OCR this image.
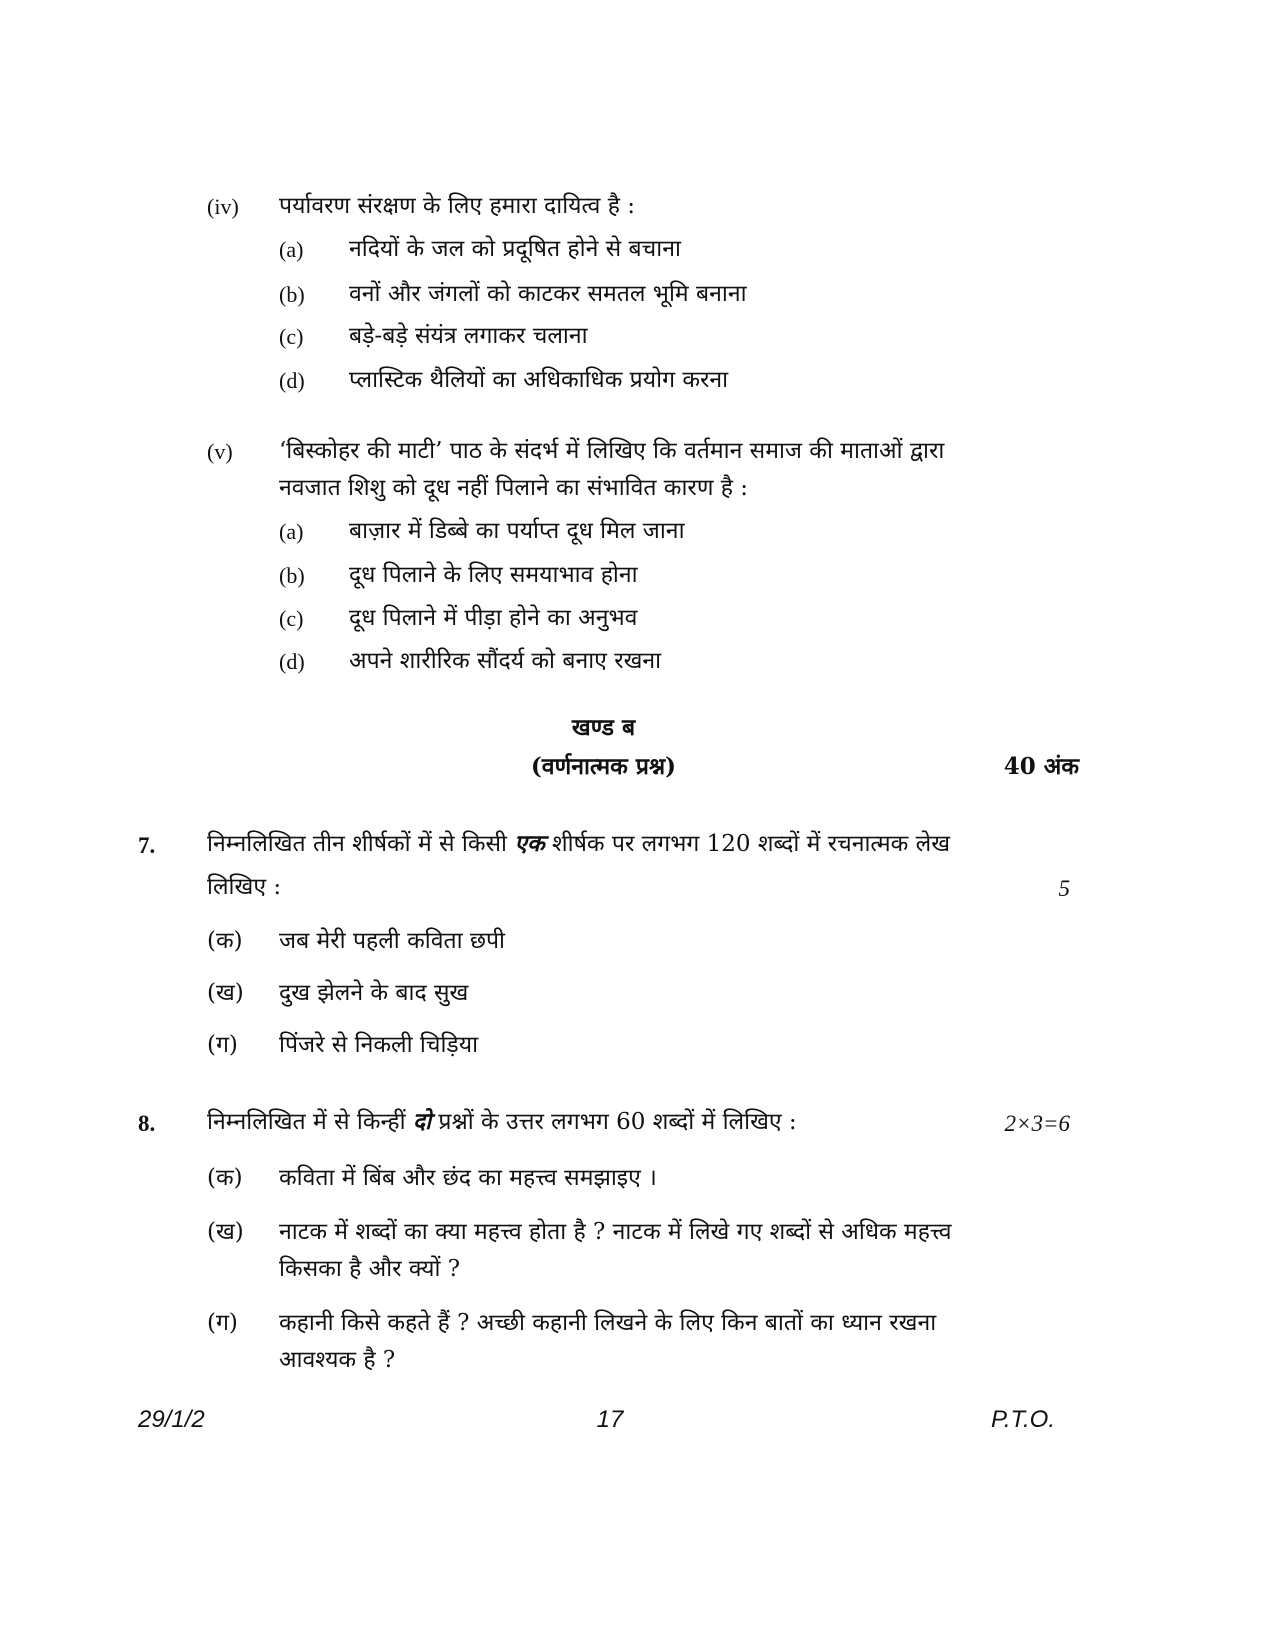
(iv) पर्यावरण संरक्षण के लिए हमारा दायित्व है :
(a) नदियों के जल को प्रदूषित होने से बचाना
(b) वनों और जंगलों को काटकर समतल भूमि बनाना
(c) बड़े-बड़े संयंत्र लगाकर चलाना
(d) प्लास्टिक थैलियों का अधिकाधिक प्रयोग करना
(v) ‘बिस्कोहर की माटी’ पाठ के संदर्भ में लिखिए कि वर्तमान समाज की माताओं द्वारा
नवजात शिशु को दूध नहीं पिलाने का संभावित कारण है :
(a) बाज़ार में डिब्बे का पर्याप्त दूध मिल जाना
(b) दूध पिलाने के लिए समयाभाव होना
(c) दूध पिलाने में पीड़ा होने का अनुभव
(d) अपने शारीरिक सौंदर्य को बनाए रखना
खण्ड ब
(वर्णनात्मक प्रश्न)	40 अंक
7. निम्नलिखित तीन शीर्षकों में से किसी एक शीर्षक पर लगभग 120 शब्दों में रचनात्मक लेख
लिखिए :	5
(क) जब मेरी पहली कविता छपी
(ख) दुख झेलने के बाद सुख
(ग) पिंजरे से निकली चिड़िया
8. निम्नलिखित में से किन्हीं दो प्रश्नों के उत्तर लगभग 60 शब्दों में लिखिए :	2×3=6
(क) कविता में बिंब और छंद का महत्त्व समझाइए ।
(ख) नाटक में शब्दों का क्या महत्त्व होता है ? नाटक में लिखे गए शब्दों से अधिक महत्त्व
किसका है और क्यों ?
(ग) कहानी किसे कहते हैं ? अच्छी कहानी लिखने के लिए किन बातों का ध्यान रखना
आवश्यक है ?
29/1/2	17	P.T.O.
